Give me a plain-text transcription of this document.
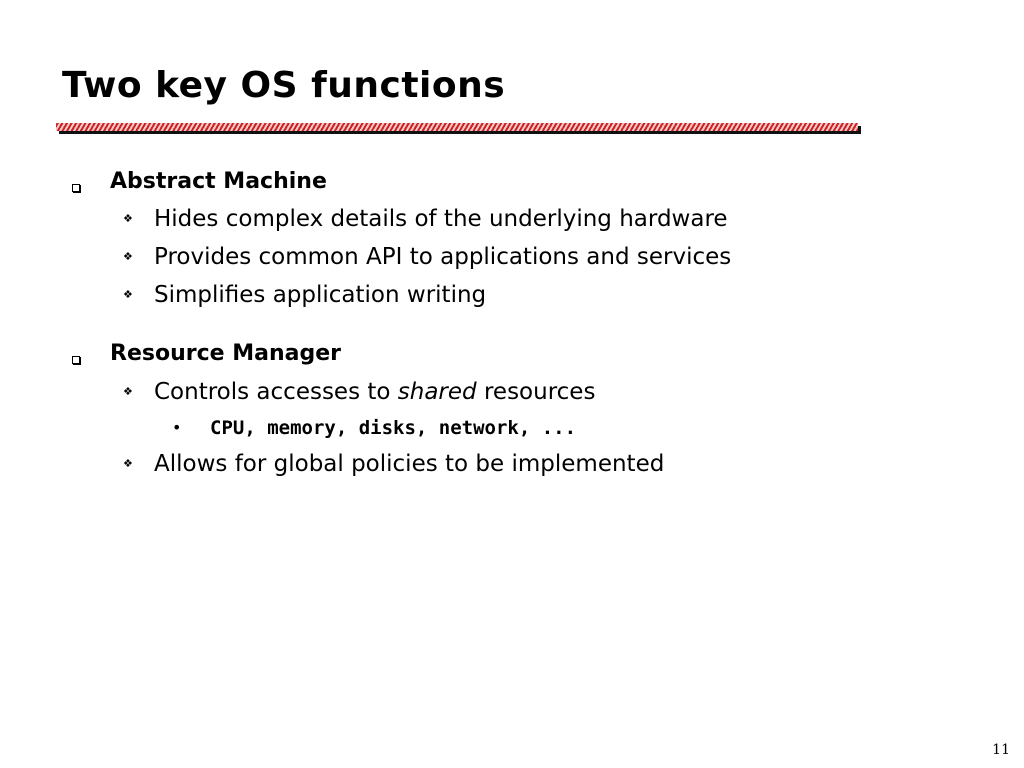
Two key OS functions
Abstract Machine
❖ Hides complex details of the underlying hardware
❖ Provides common API to applications and services
❖ Simplifies application writing
Resource Manager
❖ Controls accesses to shared resources
• CPU, memory, disks, network, ...
❖ Allows for global policies to be implemented
11
